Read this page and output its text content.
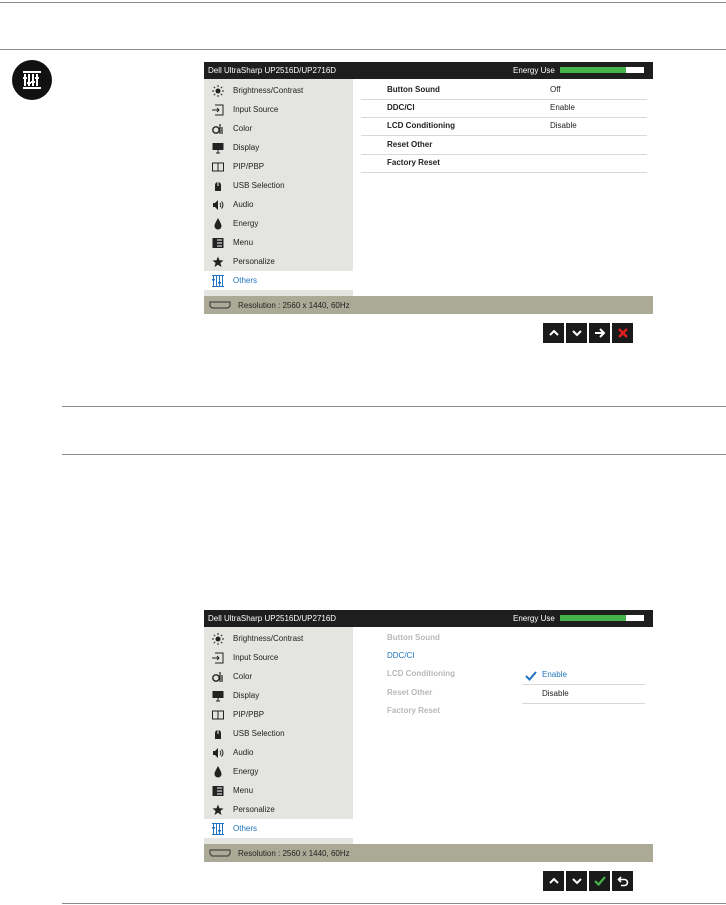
Dell UltraSharp UP2516D/UP2716D	Energy Use
Brightness/Contrast
Input Source
Color
Display
PIP/PBP
USB Selection
Audio
Energy
Menu
Personalize
Others
Button Sound	Off
DDC/CI	Enable
LCD Conditioning	Disable
Reset Other
Factory Reset
Resolution : 2560 x 1440, 60Hz
Dell UltraSharp UP2516D/UP2716D	Energy Use
Brightness/Contrast
Input Source
Color
Display
PIP/PBP
USB Selection
Audio
Energy
Menu
Personalize
Others
Button Sound
DDC/CI
LCD Conditioning
Reset Other
Factory Reset
Enable
Disable
Resolution : 2560 x 1440, 60Hz
